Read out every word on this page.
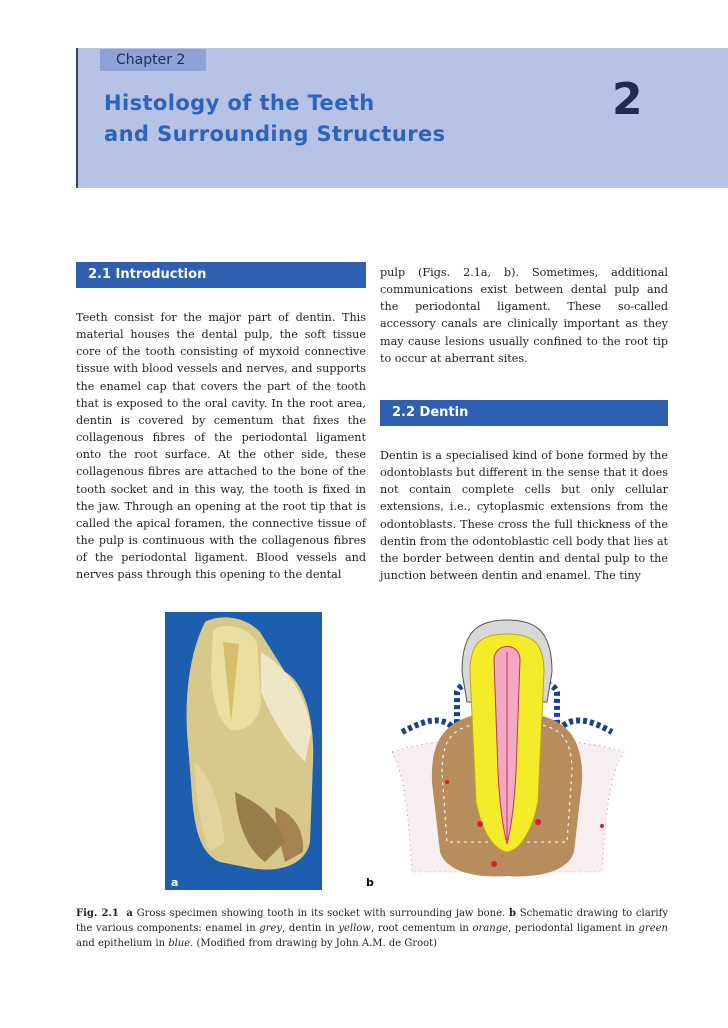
Chapter 2
Histology of the Teeth
and Surrounding Structures
2
2.1 Introduction

Teeth consist for the major part of dentin. This material houses the dental pulp, the soft tissue core of the tooth consisting of myxoid connective tissue with blood vessels and nerves, and supports the enamel cap that covers the part of the tooth that is exposed to the oral cavity. In the root area, dentin is covered by cementum that fixes the collagenous fibres of the periodontal ligament onto the root surface. At the other side, these collagenous fibres are attached to the bone of the tooth socket and in this way, the tooth is fixed in the jaw. Through an opening at the root tip that is called the apical foramen, the connective tissue of the pulp is continuous with the collagenous fibres of the periodontal ligament. Blood vessels and nerves pass through this opening to the dental

pulp (Figs. 2.1a, b). Sometimes, additional communications exist between dental pulp and the periodontal ligament. These so-called accessory canals are clinically important as they may cause lesions usually confined to the root tip to occur at aberrant sites.

2.2 Dentin

Dentin is a specialised kind of bone formed by the odontoblasts but different in the sense that it does not contain complete cells but only cellular extensions, i.e., cytoplasmic extensions from the odontoblasts. These cross the full thickness of the dentin from the odontoblastic cell body that lies at the border between dentin and dental pulp to the junction between dentin and enamel. The tiny

a	b

Fig. 2.1 a Gross specimen showing tooth in its socket with surrounding jaw bone. b Schematic drawing to clarify the various components: enamel in grey, dentin in yellow, root cementum in orange, periodontal ligament in green and epithelium in blue. (Modified from drawing by John A.M. de Groot)
